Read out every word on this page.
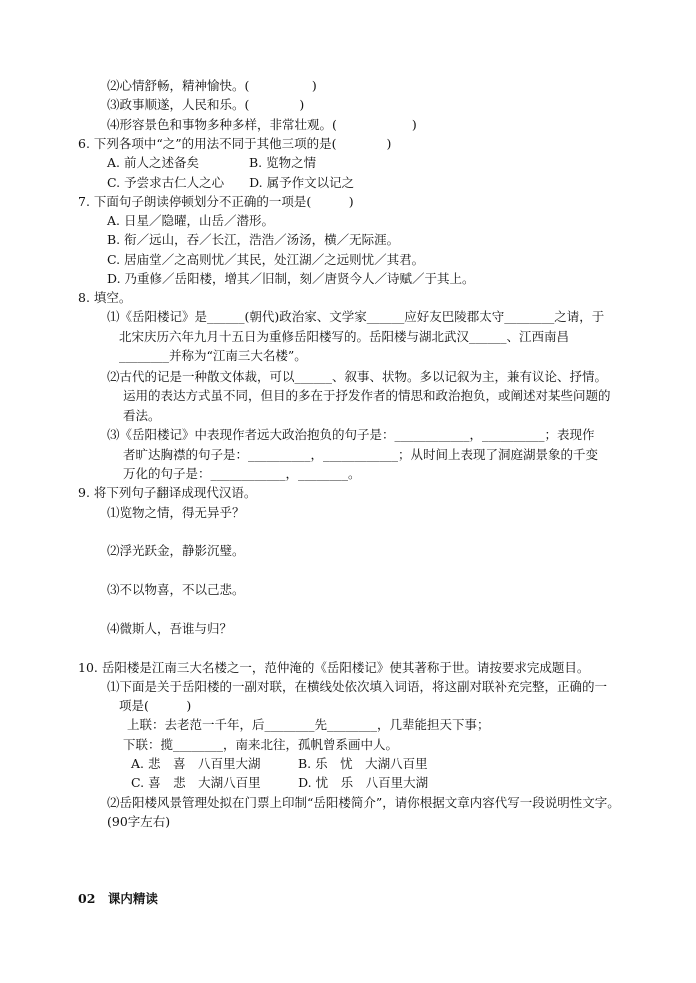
⑵心情舒畅，精神愉快。(　　　　　)
⑶政事顺遂，人民和乐。(　　　　)
⑷形容景色和事物多种多样，非常壮观。(　　　　　　)
6. 下列各项中“之”的用法不同于其他三项的是(　　　　)
A. 前人之述备矣　　　　B. 览物之情
C. 予尝求古仁人之心　　D. 属予作文以记之
7. 下面句子朗读停顿划分不正确的一项是(　　　)
A. 日星／隐曜，山岳／潜形。
B. 衔／远山，吞／长江，浩浩／汤汤，横／无际涯。
C. 居庙堂／之高则忧／其民，处江湖／之远则忧／其君。
D. 乃重修／岳阳楼，增其／旧制，刻／唐贤今人／诗赋／于其上。
8. 填空。
⑴《岳阳楼记》是______(朝代)政治家、文学家______应好友巴陵郡太守________之请，于
北宋庆历六年九月十五日为重修岳阳楼写的。岳阳楼与湖北武汉______、江西南昌
________并称为“江南三大名楼”。
⑵古代的记是一种散文体裁，可以______、叙事、状物。多以记叙为主，兼有议论、抒情。
运用的表达方式虽不同，但目的多在于抒发作者的情思和政治抱负，或阐述对某些问题的
看法。
⑶《岳阳楼记》中表现作者远大政治抱负的句子是：____________，__________；表现作
者旷达胸襟的句子是：__________，____________；从时间上表现了洞庭湖景象的千变
万化的句子是：____________，________。
9. 将下列句子翻译成现代汉语。
⑴览物之情，得无异乎？
⑵浮光跃金，静影沉璧。
⑶不以物喜，不以己悲。
⑷微斯人，吾谁与归？
10. 岳阳楼是江南三大名楼之一，范仲淹的《岳阳楼记》使其著称于世。请按要求完成题目。
⑴下面是关于岳阳楼的一副对联，在横线处依次填入词语，将这副对联补充完整，正确的一
项是(　　　)
上联：去老范一千年，后________先________，几辈能担天下事；
下联：揽________，南来北往，孤帆曾系画中人。
A. 悲　喜　八百里大湖　　　B. 乐　忧　大湖八百里
C. 喜　悲　大湖八百里　　　D. 忧　乐　八百里大湖
⑵岳阳楼风景管理处拟在门票上印制“岳阳楼简介”，请你根据文章内容代写一段说明性文字。
(90字左右)
02　课内精读
